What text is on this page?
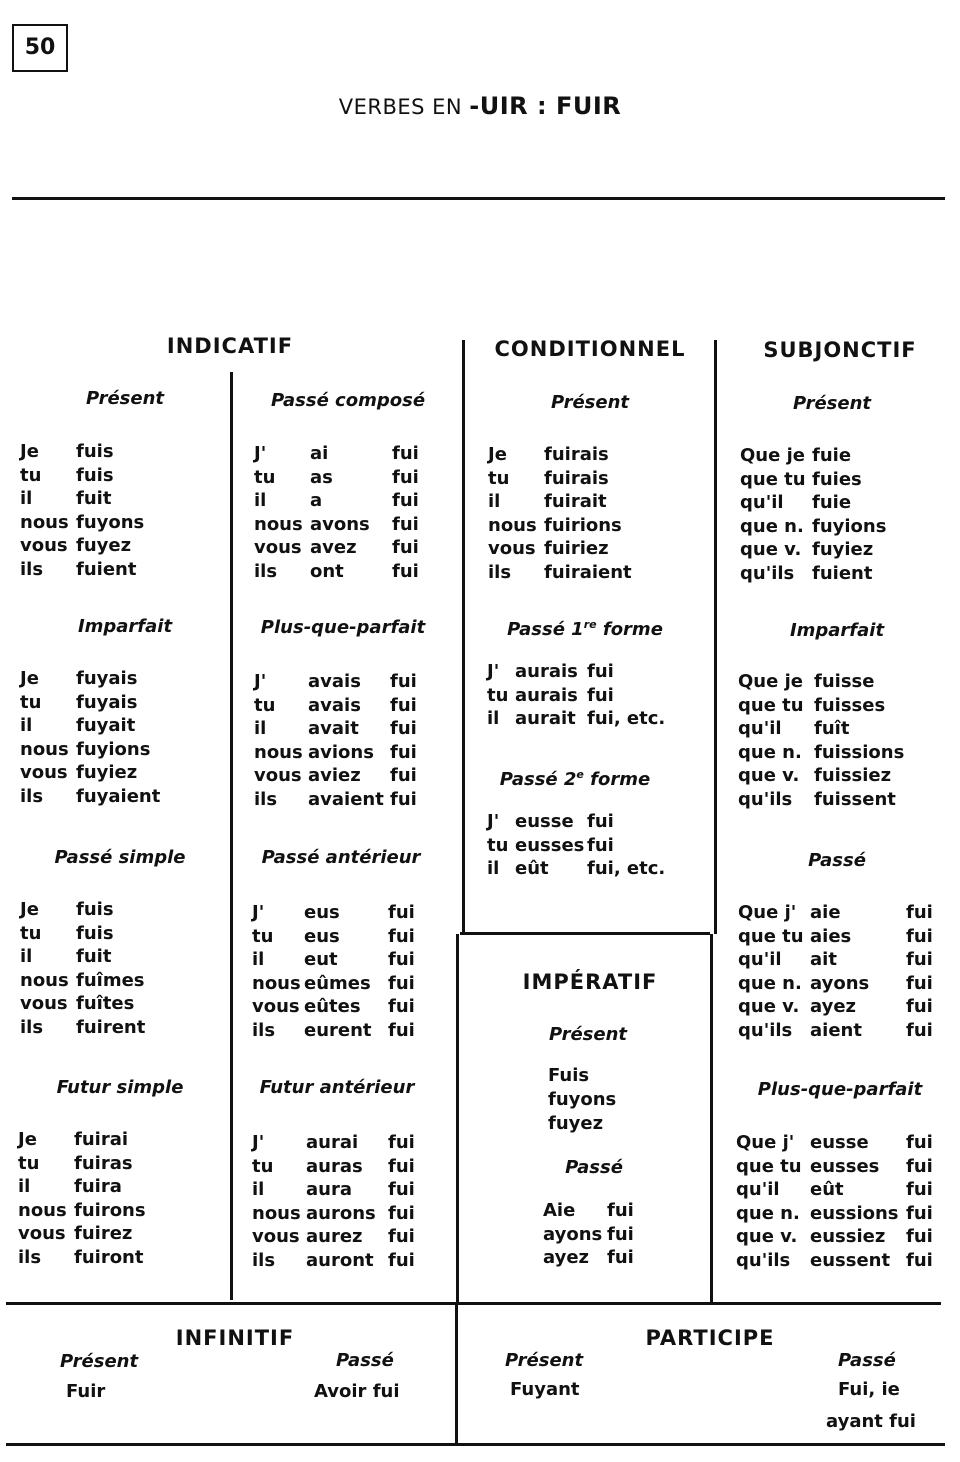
50
VERBES EN -UIR : FUIR
INDICATIF
Présent
Je	fuis
tu	fuis
il	fuit
nous fuyons
vous fuyez
ils	fuient
Passé composé
J'	ai	fui
tu	as	fui
il	a	fui
nous avons	fui
vous avez	fui
ils	ont	fui
Imparfait
Je	fuyais
tu	fuyais
il	fuyait
nous fuyions
vous fuyiez
ils	fuyaient
Plus-que-parfait
J'	avais	fui
tu	avais	fui
il	avait	fui
nous avions fui
vous aviez	fui
ils	avaient fui
Passé simple
Je	fuis
tu	fuis
il	fuit
nous fuîmes
vous fuîtes
ils	fuirent
Passé antérieur
J'	eus	fui
tu	eus	fui
il	eut	fui
nous eûmes fui
vous eûtes	fui
ils	eurent fui
Futur simple
Je	fuirai
tu	fuiras
il	fuira
nous fuirons
vous fuirez
ils	fuiront
Futur antérieur
J'	aurai	fui
tu	auras	fui
il	aura	fui
nous aurons fui
vous aurez	fui
ils	auront fui
CONDITIONNEL
Présent
Je	fuirais
tu	fuirais
il	fuirait
nous fuirions
vous fuiriez
ils	fuiraient
Passé 1re forme
J' aurais fui
tu aurais fui
il aurait fui, etc.
Passé 2e forme
J' eusse fui
tu eusses fui
il eût	fui, etc.
IMPÉRATIF
Présent
Fuis
fuyons
fuyez
Passé
Aie	fui
ayons fui
ayez fui
SUBJONCTIF
Présent
Que je fuie
que tu fuies
qu'il	fuie
que n. fuyions
que v. fuyiez
qu'ils fuient
Imparfait
Que je fuisse
que tu fuisses
qu'il	fuît
que n. fuissions
que v. fuissiez
qu'ils	fuissent
Passé
Que j' aie	fui
que tu aies	fui
qu'il	ait	fui
que n. ayons	fui
que v. ayez	fui
qu'ils aient	fui
Plus-que-parfait
Que j' eusse	fui
que tu eusses	fui
qu'il	eût	fui
que n. eussions fui
que v. eussiez	fui
qu'ils	eussent fui
INFINITIF
Présent
Fuir
Passé
Avoir fui
PARTICIPE
Présent
Fuyant
Passé
Fui, ie
ayant fui
